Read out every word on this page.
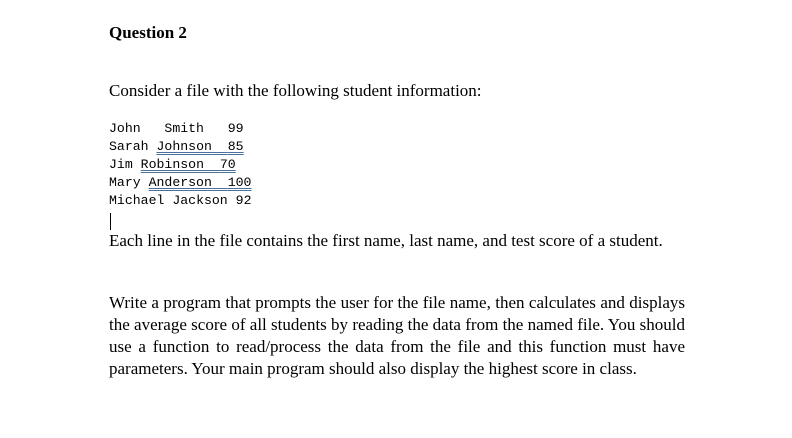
Question 2
Consider a file with the following student information:
John Smith 99
Sarah Johnson 85
Jim Robinson 70
Mary Anderson 100
Michael Jackson 92
Each line in the file contains the first name, last name, and test score of a student.
Write a program that prompts the user for the file name, then calculates and displays the average score of all students by reading the data from the named file. You should use a function to read/process the data from the file and this function must have parameters. Your main program should also display the highest score in class.
